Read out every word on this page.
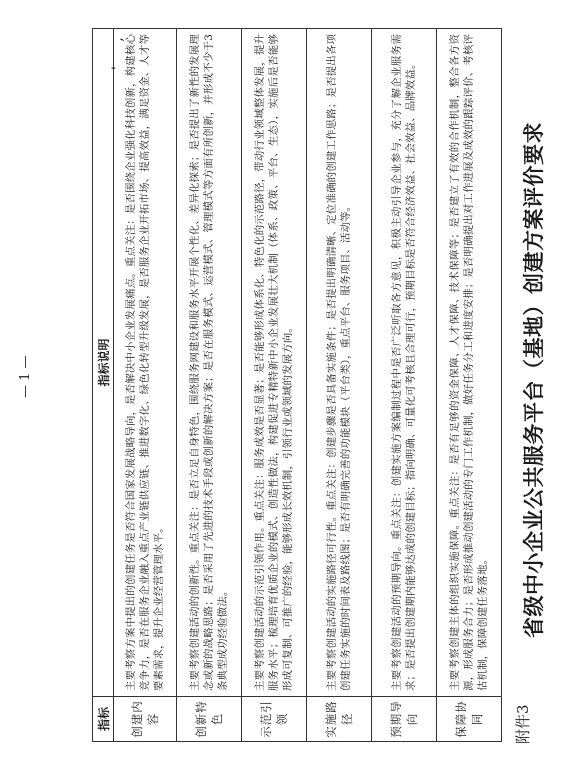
附件3
省级中小企业公共服务平台（基地）创建方案评价要求
指标	指标说明
创建内容	主要考察方案中提出的创建任务是否符合国家发展战略导向，是否解决中小企业发展痛点。重点关注：是否围绕企业强化科技创新，构建核心竞争力，是否在服务企业融入重点产业链供应链、推进数字化、绿色化转型升级发展，是否服务企业开拓市场、提高效益，满足资金、人才等要素需求，提升企业经营管理水平。
创新特色	主要考察创建活动的创新性。重点关注：是否立足自身特色，围绕服务网建设和服务水平开展个性化、差异化探索；是否提出了新性的发展理念或新的战略思路；是否采用了先进的技术手段或创新的解决方案；是否在服务模式、运营模式、管理模式等方面有所创新，并形成不少于3条典型成功经验做法。
示范引领	主要考察创建活动的示范引领作用。重点关注：服务成效是否显著；是否能够形成体系化、特色化的示范路径，带动行业领域整体发展，提升服务水平；梳理培育优质企业的模式、创造性做法，构建促进专精特新中小企业发展壮大机制（体系、政策、平台、生态），实施后是否能够形成可复制、可推广的经验，能够形成长效机制，引领行业或领域的发展方向。
实施路径	主要考察创建活动的实施路径可行性。重点关注：创建步骤是否具备实施条件；是否提出明确清晰、定位准确的创建工作思路；是否提出各项创建任务实施的时间表及路线图；是否有明确完善的功能模块（平台类），重点平台、服务项目、活动等。
预期导向	主要考察创建活动的预期导向。重点关注：创建实施方案编制过程中是否广泛听取各方意见，积极主动引导企业参与，充分了解企业服务需求；是否提出创建期内能够达成的创建目标；指向明确、可量化可考核且合理可行，预期目标是否符合经济效益、社会效益、品牌效益。
保障协同	主要考察创建主体的组织实施保障。重点关注：是否有足够的资金保障、人才保障、技术保障等；是否建立了有效的合作机制，整合各方资源，形成服务合力；是否形成推动创建活动的专门工作机制，做好任务分工和进度安排；是否明确提出对工作进展及成效的跟踪评价、考核评估机制，保障创建任务落地。
— 1 —
' ,
